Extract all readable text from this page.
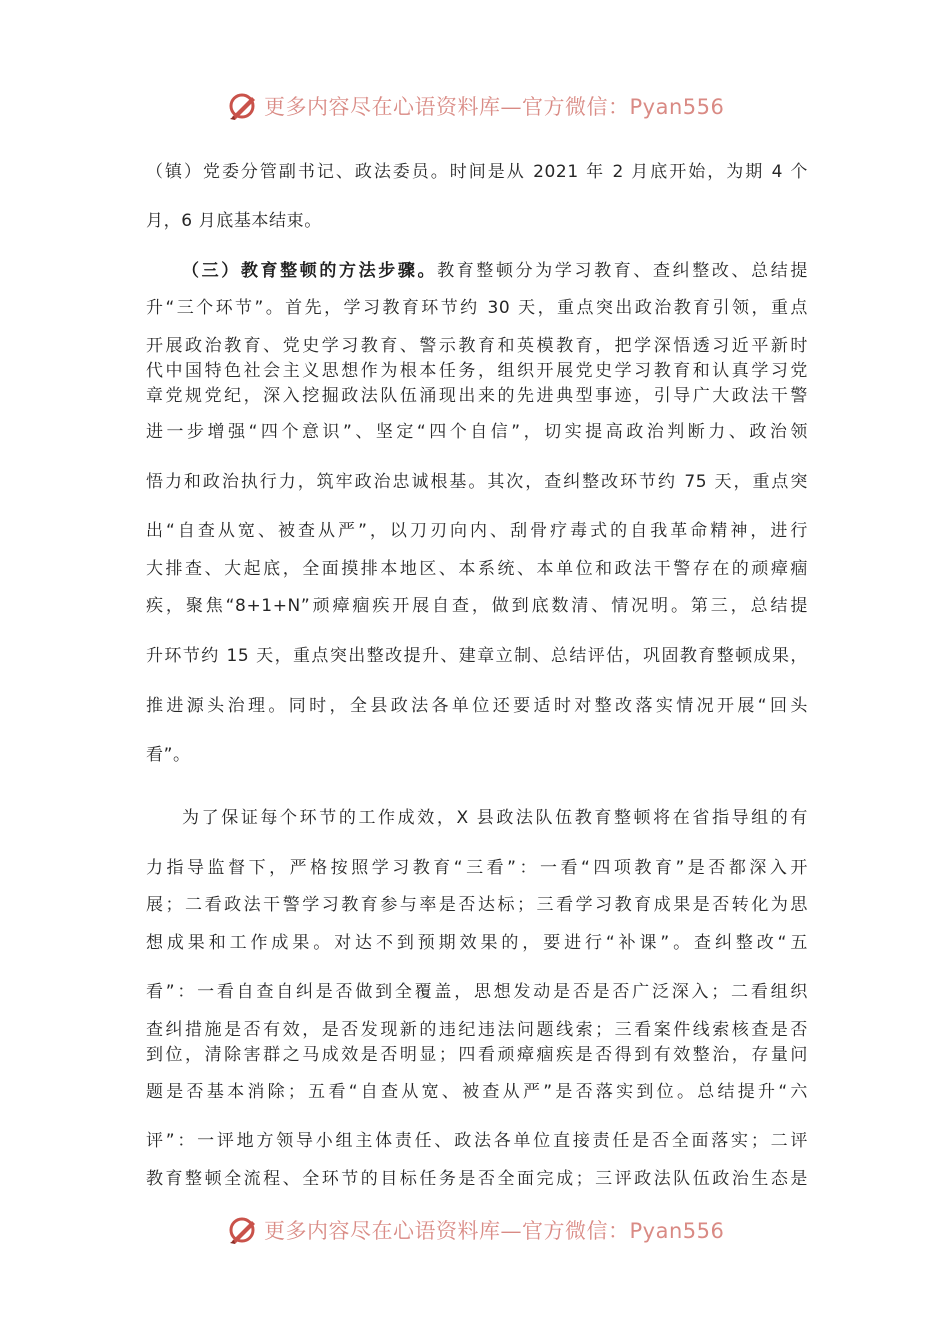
更多内容尽在心语资料库—官方微信：Pyan556
（镇）党委分管副书记、政法委员。时间是从 2021 年 2 月底开始，为期 4 个
月，6 月底基本结束。
（三）教育整顿的方法步骤。教育整顿分为学习教育、查纠整改、总结提
升“三个环节”。首先，学习教育环节约 30 天，重点突出政治教育引领，重点
开展政治教育、党史学习教育、警示教育和英模教育，把学深悟透习近平新时
代中国特色社会主义思想作为根本任务，组织开展党史学习教育和认真学习党
章党规党纪，深入挖掘政法队伍涌现出来的先进典型事迹，引导广大政法干警
进一步增强“四个意识”、坚定“四个自信”，切实提高政治判断力、政治领
悟力和政治执行力，筑牢政治忠诚根基。其次，查纠整改环节约 75 天，重点突
出“自查从宽、被查从严”，以刀刃向内、刮骨疗毒式的自我革命精神，进行
大排查、大起底，全面摸排本地区、本系统、本单位和政法干警存在的顽瘴痼
疾，聚焦“8+1+N”顽瘴痼疾开展自查，做到底数清、情况明。第三，总结提
升环节约 15 天，重点突出整改提升、建章立制、总结评估，巩固教育整顿成果，
推进源头治理。同时，全县政法各单位还要适时对整改落实情况开展“回头
看”。
为了保证每个环节的工作成效，X 县政法队伍教育整顿将在省指导组的有
力指导监督下，严格按照学习教育“三看”：一看“四项教育”是否都深入开
展；二看政法干警学习教育参与率是否达标；三看学习教育成果是否转化为思
想成果和工作成果。对达不到预期效果的，要进行“补课”。查纠整改“五
看”：一看自查自纠是否做到全覆盖，思想发动是否是否广泛深入；二看组织
查纠措施是否有效，是否发现新的违纪违法问题线索；三看案件线索核查是否
到位，清除害群之马成效是否明显；四看顽瘴痼疾是否得到有效整治，存量问
题是否基本消除；五看“自查从宽、被查从严”是否落实到位。总结提升“六
评”：一评地方领导小组主体责任、政法各单位直接责任是否全面落实；二评
教育整顿全流程、全环节的目标任务是否全面完成；三评政法队伍政治生态是
更多内容尽在心语资料库—官方微信：Pyan556
